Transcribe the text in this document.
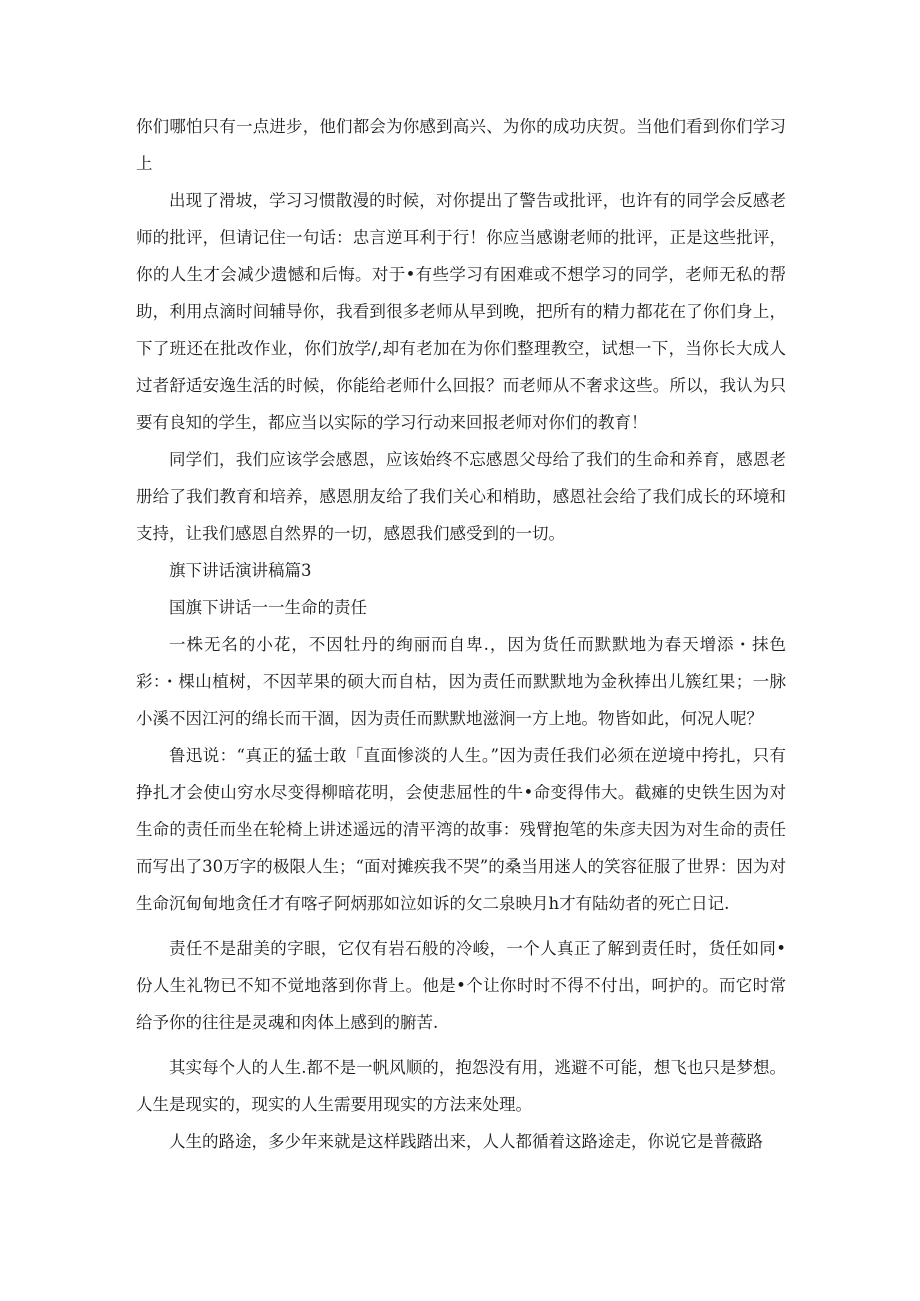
你们哪怕只有一点进步，他们都会为你感到高兴、为你的成功庆贺。当他们看到你们学习上

出现了滑坡，学习习惯散漫的时候，对你提出了警告或批评，也许有的同学会反感老师的批评，但请记住一句话：忠言逆耳利于行！你应当感谢老师的批评，正是这些批评，你的人生才会减少遗憾和后悔。对于•有些学习有困难或不想学习的同学，老师无私的帮助，利用点滴时间辅导你，我看到很多老师从早到晚，把所有的精力都花在了你们身上，下了班还在批改作业，你们放学/,却有老加在为你们整理教空，试想一下，当你长大成人过者舒适安逸生活的时候，你能给老师什么回报？而老师从不奢求这些。所以，我认为只要有良知的学生，都应当以实际的学习行动来回报老师对你们的教育！

同学们，我们应该学会感恩，应该始终不忘感恩父母给了我们的生命和养育，感恩老册给了我们教育和培养，感恩朋友给了我们关心和梢助，感恩社会给了我们成长的环境和支持，让我们感恩自然界的一切，感恩我们感受到的一切。

旗下讲话演讲稿篇3

国旗下讲话一一生命的责任

一株无名的小花，不因牡丹的绚丽而自卑.，因为货任而默默地为春天增添・抹色彩：・棵山植树，不因苹果的硕大而自枯，因为责任而默默地为金秋捧出儿簇红果；一脉小溪不因江河的绵长而干涸，因为责任而默默地滋涧一方上地。物皆如此，何况人呢？

鲁迅说：“真正的猛士敢「直面惨淡的人生。”因为责任我们必须在逆境中挎扎，只有挣扎才会使山穷水尽变得柳暗花明，会使悲屈性的牛•命变得伟大。截瘫的史铁生因为对生命的责任而坐在轮椅上讲述遥远的清平湾的故事：残臂抱笔的朱彦夫因为对生命的责任而写出了30万字的极限人生；“面对摊疾我不哭”的桑当用迷人的笑容征服了世界：因为对生命沉甸甸地贪任才有喀孑阿炳那如泣如诉的攵二泉映月h才有陆幼者的死亡日记.

责任不是甜美的字眼，它仅有岩石般的冷峻，一个人真正了解到责任时，货任如同•份人生礼物已不知不觉地落到你背上。他是•个让你时时不得不付出，呵护的。而它时常给予你的往往是灵魂和肉体上感到的腑苦.

其实每个人的人生.都不是一帆风顺的，抱怨没有用，逃避不可能，想飞也只是梦想。人生是现实的，现实的人生需要用现实的方法来处理。

人生的路途，多少年来就是这样践踏出来，人人都循着这路途走，你说它是普薇路
